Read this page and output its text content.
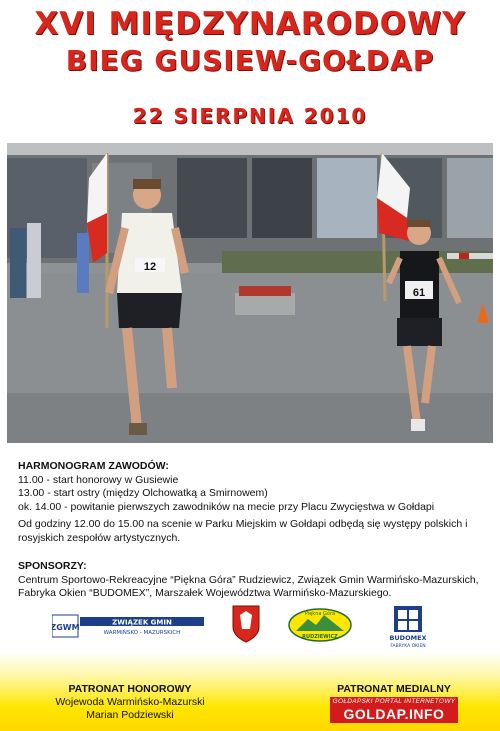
XVI MIĘDZYNARODOWY
BIEG GUSIEW-GOŁDAP
22 SIERPNIA 2010
12
61
HARMONOGRAM ZAWODÓW:
11.00 - start honorowy w Gusiewie
13.00 - start ostry (między Olchowatką a Smirnowem)
ok. 14.00 - powitanie pierwszych zawodników na mecie przy Placu Zwycięstwa w Gołdapi
Od godziny 12.00 do 15.00 na scenie w Parku Miejskim w Gołdapi odbędą się występy polskich i rosyjskich zespołów artystycznych.
SPONSORZY:
Centrum Sportowo-Rekreacyjne “Piękna Góra” Rudziewicz, Związek Gmin Warmińsko-Mazurskich, Fabryka Okien “BUDOMEX”, Marszałek Województwa Warmińsko-Mazurskiego.
ZGWM
ZWIĄZEK GMIN
WARMIŃSKO - MAZURSKICH
Piękna Góra
RUDZIEWICZ	BUDOMEX
FABRYKA OKIEN
PATRONAT HONOROWY
Wojewoda Warmińsko-Mazurski
Marian Podziewski
PATRONAT MEDIALNY
GOŁDAPSKI PORTAL INTERNETOWY
GOLDAP.INFO
